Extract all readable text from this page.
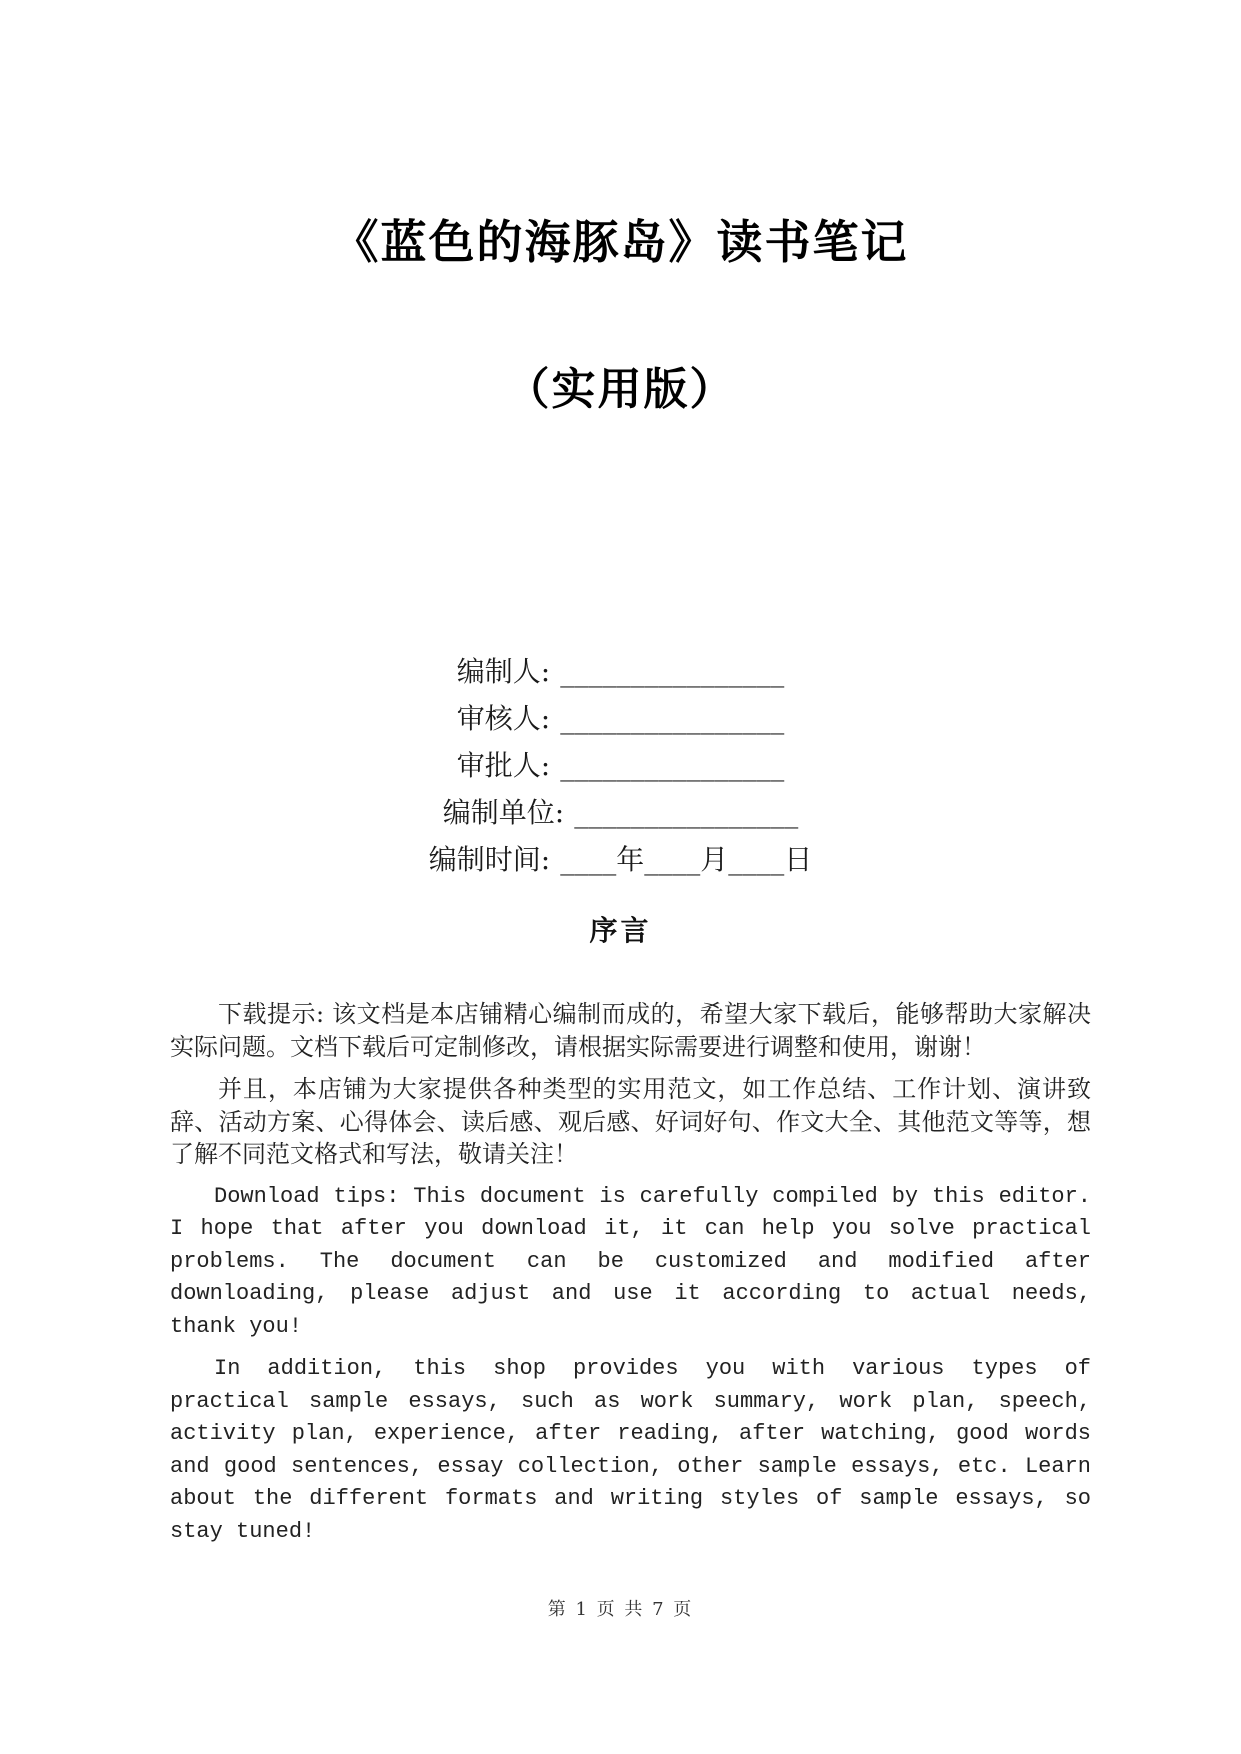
《蓝色的海豚岛》读书笔记
（实用版）
编制人: ________________
审核人: ________________
审批人: ________________
编制单位: ________________
编制时间: ____年____月____日
序言

下载提示: 该文档是本店铺精心编制而成的，希望大家下载后，能够帮助大家解决实际问题。文档下载后可定制修改，请根据实际需要进行调整和使用，谢谢！

并且，本店铺为大家提供各种类型的实用范文，如工作总结、工作计划、演讲致辞、活动方案、心得体会、读后感、观后感、好词好句、作文大全、其他范文等等，想了解不同范文格式和写法，敬请关注！

Download tips: This document is carefully compiled by this editor. I hope that after you download it, it can help you solve practical problems. The document can be customized and modified after downloading, please adjust and use it according to actual needs, thank you!

In addition, this shop provides you with various types of practical sample essays, such as work summary, work plan, speech, activity plan, experience, after reading, after watching, good words and good sentences, essay collection, other sample essays, etc. Learn about the different formats and writing styles of sample essays, so stay tuned!

第 1 页 共 7 页
